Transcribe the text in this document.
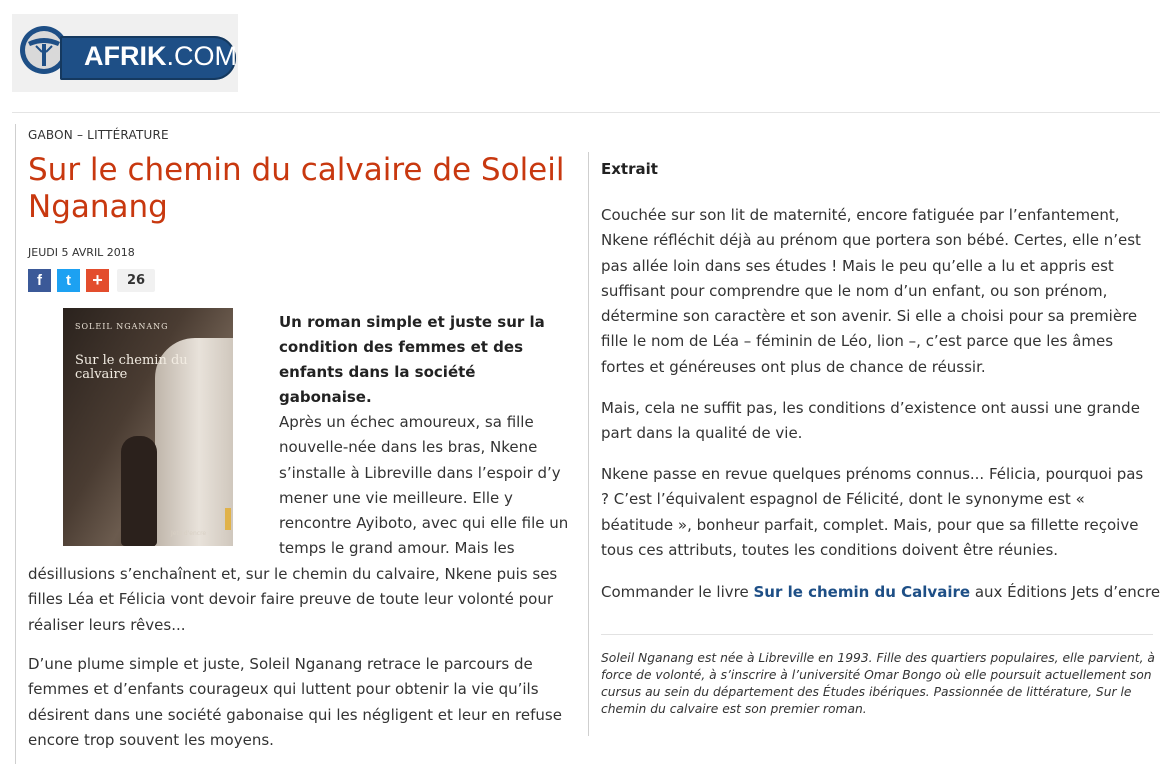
AFRIK.COM
GABON – LITTÉRATURE
Sur le chemin du calvaire de Soleil Nganang
JEUDI 5 AVRIL 2018
f t +	26
SOLEIL NGANANG
Sur le chemin du calvaire
Jets d'encre

Un roman simple et juste sur la condition des femmes et des enfants dans la société gabonaise.

Après un échec amoureux, sa fille nouvelle-née dans les bras, Nkene s’installe à Libreville dans l’espoir d’y mener une vie meilleure. Elle y rencontre Ayiboto, avec qui elle file un temps le grand amour. Mais les

désillusions s’enchaînent et, sur le chemin du calvaire, Nkene puis ses filles Léa et Félicia vont devoir faire preuve de toute leur volonté pour réaliser leurs rêves...

D’une plume simple et juste, Soleil Nganang retrace le parcours de femmes et d’enfants courageux qui luttent pour obtenir la vie qu’ils désirent dans une société gabonaise qui les négligent et leur en refuse encore trop souvent les moyens.

Extrait

Couchée sur son lit de maternité, encore fatiguée par l’enfantement, Nkene réfléchit déjà au prénom que portera son bébé. Certes, elle n’est pas allée loin dans ses études ! Mais le peu qu’elle a lu et appris est suffisant pour comprendre que le nom d’un enfant, ou son prénom, détermine son caractère et son avenir. Si elle a choisi pour sa première fille le nom de Léa – féminin de Léo, lion –, c’est parce que les âmes fortes et généreuses ont plus de chance de réussir.

Mais, cela ne suffit pas, les conditions d’existence ont aussi une grande part dans la qualité de vie.

Nkene passe en revue quelques prénoms connus... Félicia, pourquoi pas ? C’est l’équivalent espagnol de Félicité, dont le synonyme est « béatitude », bonheur parfait, complet. Mais, pour que sa fillette reçoive tous ces attributs, toutes les conditions doivent être réunies.

Commander le livre Sur le chemin du Calvaire aux Éditions Jets d’encre

Soleil Nganang est née à Libreville en 1993. Fille des quartiers populaires, elle parvient, à force de volonté, à s’inscrire à l’université Omar Bongo où elle poursuit actuellement son cursus au sein du département des Études ibériques. Passionnée de littérature, Sur le chemin du calvaire est son premier roman.
